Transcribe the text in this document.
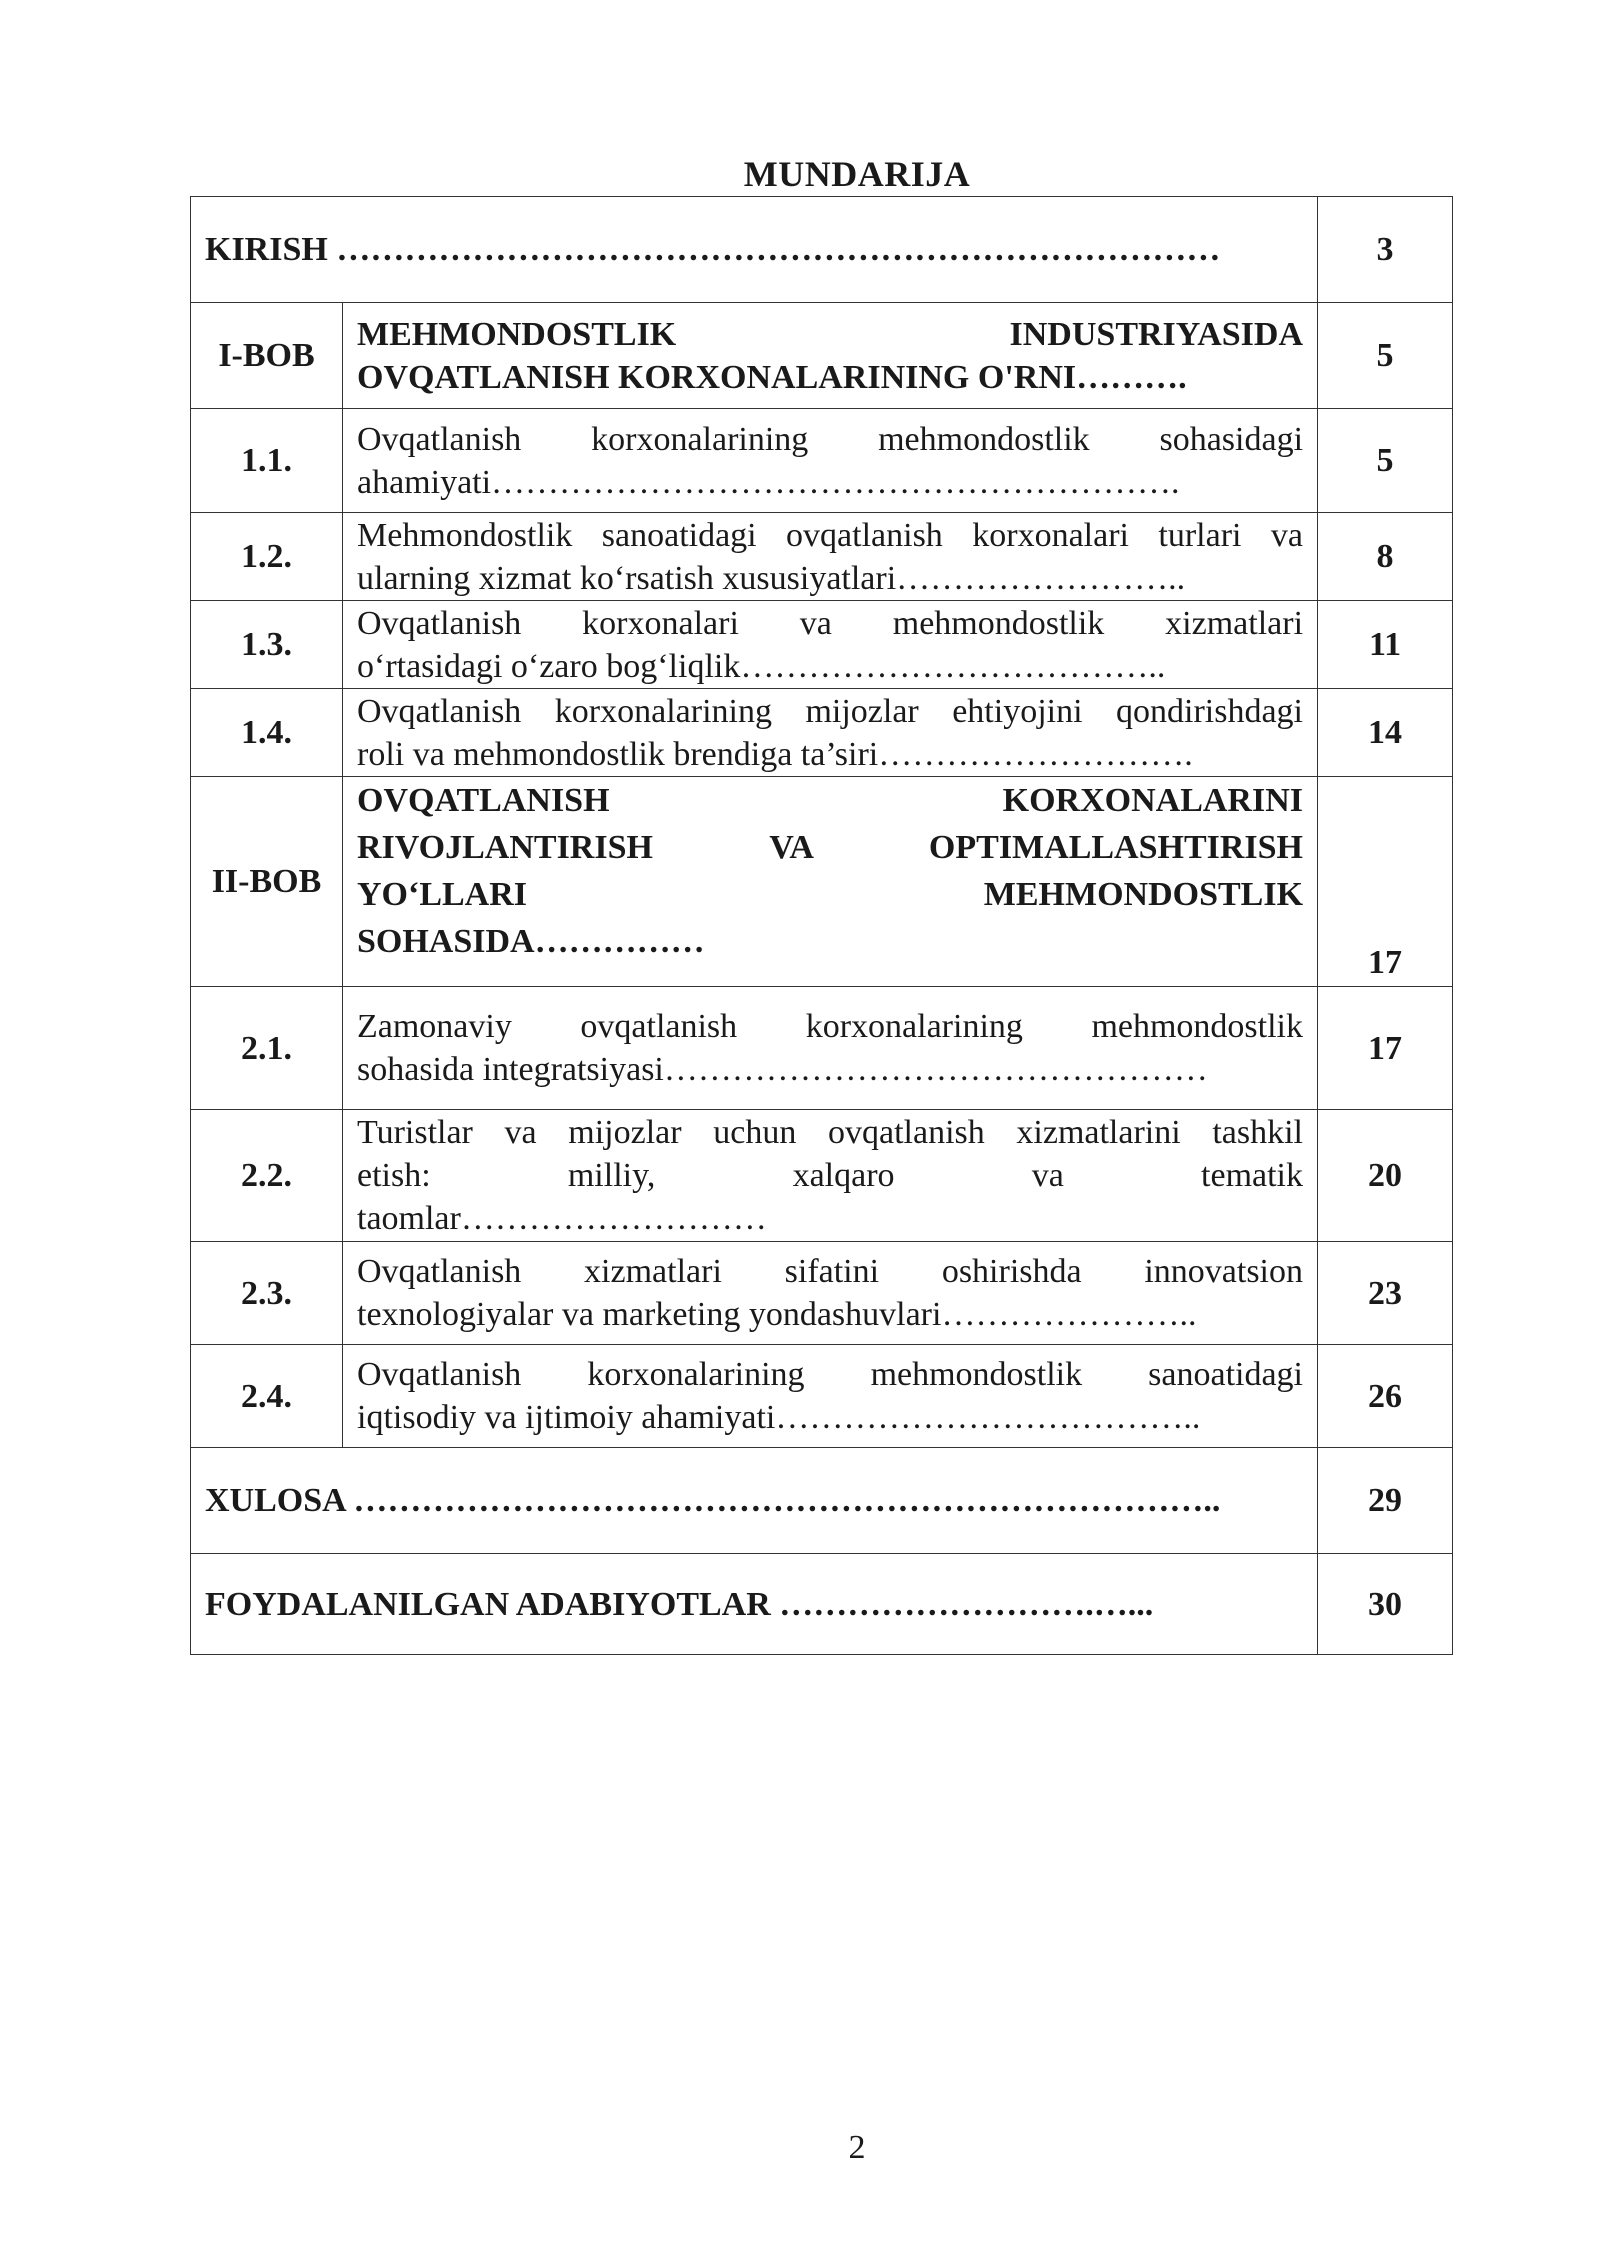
MUNDARIJA
KIRISH ……………………………………………………………………		3
I-BOB	MEHMONDOSTLIK INDUSTRIYASIDA
OVQATLANISH KORXONALARINING O'RNI……….	5
1.1.	Ovqatlanish korxonalarining mehmondostlik sohasidagi
ahamiyati…………………………………………………….	5
1.2.	Mehmondostlik sanoatidagi ovqatlanish korxonalari turlari va
ularning xizmat ko‘rsatish xususiyatlari……………………..	8
1.3.	Ovqatlanish korxonalari va mehmondostlik xizmatlari
o‘rtasidagi o‘zaro bog‘liqlik………………………………..	11
1.4.	Ovqatlanish korxonalarining mijozlar ehtiyojini qondirishdagi
roli va mehmondostlik brendiga ta’siri……………………….	14
II-BOB	OVQATLANISH KORXONALARINI
RIVOJLANTIRISH VA OPTIMALLASHTIRISH
YO‘LLARI MEHMONDOSTLIK
SOHASIDA……………	17
2.1.	Zamonaviy ovqatlanish korxonalarining mehmondostlik
sohasida integratsiyasi…………………………………………	17
2.2.	Turistlar va mijozlar uchun ovqatlanish xizmatlarini tashkil
etish: milliy, xalqaro va tematik
taomlar………………………	20
2.3.	Ovqatlanish xizmatlari sifatini oshirishda innovatsion
texnologiyalar va marketing yondashuvlari…………………..	23
2.4.	Ovqatlanish korxonalarining mehmondostlik sanoatidagi
iqtisodiy va ijtimoiy ahamiyati………………………………..	26
XULOSA …………………………………………………………………..		29
FOYDALANILGAN ADABIYOTLAR ……………………….…...		30
2
